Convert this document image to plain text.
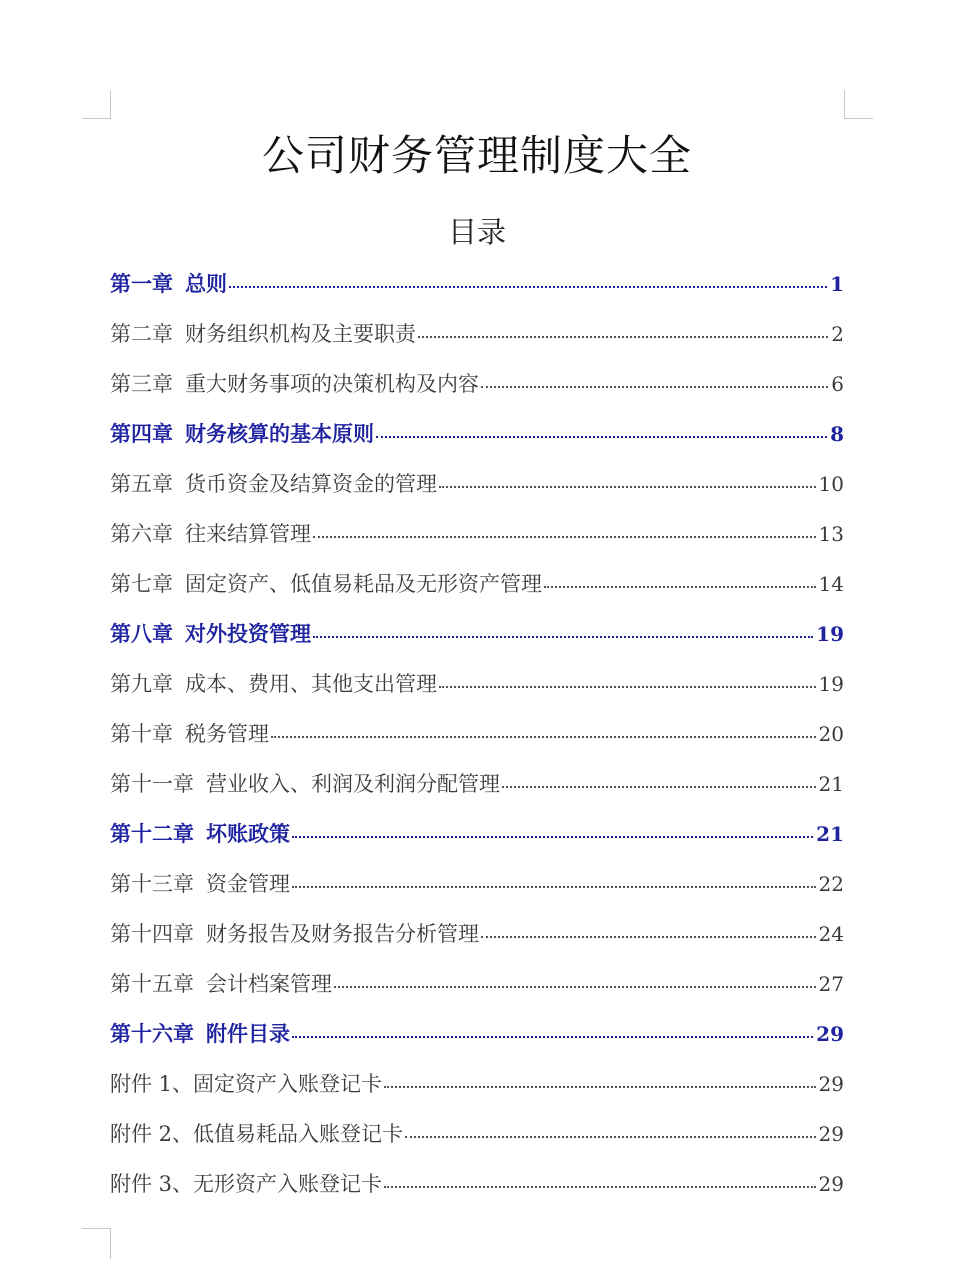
公司财务管理制度大全
目录
第一章 总则	1
第二章 财务组织机构及主要职责	2
第三章 重大财务事项的决策机构及内容	6
第四章 财务核算的基本原则	8
第五章 货币资金及结算资金的管理	10
第六章 往来结算管理	13
第七章 固定资产、低值易耗品及无形资产管理	14
第八章 对外投资管理	19
第九章 成本、费用、其他支出管理	19
第十章 税务管理	20
第十一章 营业收入、利润及利润分配管理	21
第十二章 坏账政策	21
第十三章 资金管理	22
第十四章 财务报告及财务报告分析管理	24
第十五章 会计档案管理	27
第十六章 附件目录	29
附件 1、固定资产入账登记卡	29
附件 2、低值易耗品入账登记卡	29
附件 3、无形资产入账登记卡	29
